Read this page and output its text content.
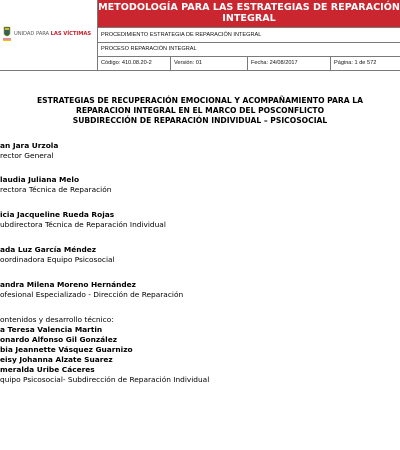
UNIDAD PARA LAS VÍCTIMAS
METODOLOGÍA PARA LAS ESTRATEGIAS DE REPARACIÓN INTEGRAL
PROCEDIMIENTO ESTRATEGIA DE REPARACIÓN INTEGRAL
PROCESO REPARACIÓN INTEGRAL
Código: 410.08.20-2	Versión: 01	Fecha: 24/08/2017	Página: 1 de 572
ESTRATEGIAS DE RECUPERACIÓN EMOCIONAL Y ACOMPAÑAMIENTO PARA LA
REPARACION INTEGRAL EN EL MARCO DEL POSCONFLICTO
SUBDIRECCIÓN DE REPARACIÓN INDIVIDUAL – PSICOSOCIAL
an Jara Urzola
rector General
laudia Juliana Melo
rectora Técnica de Reparación
icia Jacqueline Rueda Rojas
ubdirectora Técnica de Reparación Individual
ada Luz García Méndez
oordinadora Equipo Psicosocial
andra Milena Moreno Hernández
ofesional Especializado - Dirección de Reparación
ontenidos y desarrollo técnico:
a Teresa Valencia Martin
onardo Alfonso Gil González
bia Jeannette Vásquez Guarnizo
eisy Johanna Alzate Suarez
meralda Uribe Cáceres
quipo Psicosocial- Subdirección de Reparación Individual
